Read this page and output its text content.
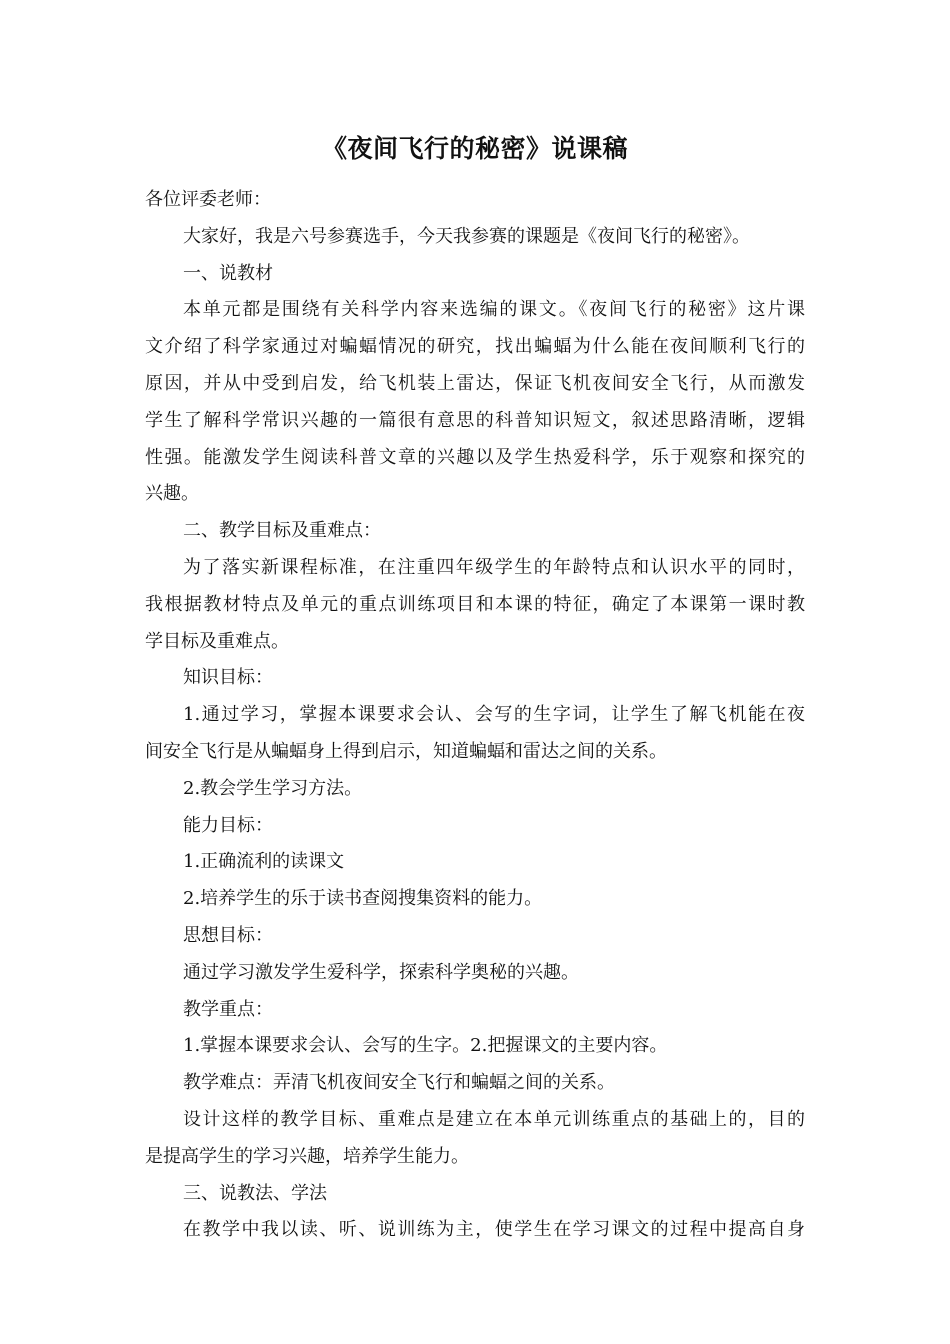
《夜间飞行的秘密》说课稿
各位评委老师：
大家好，我是六号参赛选手，今天我参赛的课题是《夜间飞行的秘密》。
一、说教材
本单元都是围绕有关科学内容来选编的课文。《夜间飞行的秘密》这片课
文介绍了科学家通过对蝙蝠情况的研究，找出蝙蝠为什么能在夜间顺利飞行的
原因，并从中受到启发，给飞机装上雷达，保证飞机夜间安全飞行，从而激发
学生了解科学常识兴趣的一篇很有意思的科普知识短文，叙述思路清晰，逻辑
性强。能激发学生阅读科普文章的兴趣以及学生热爱科学，乐于观察和探究的
兴趣。
二、教学目标及重难点：
为了落实新课程标准，在注重四年级学生的年龄特点和认识水平的同时，
我根据教材特点及单元的重点训练项目和本课的特征，确定了本课第一课时教
学目标及重难点。
知识目标：
1.通过学习，掌握本课要求会认、会写的生字词，让学生了解飞机能在夜
间安全飞行是从蝙蝠身上得到启示，知道蝙蝠和雷达之间的关系。
2.教会学生学习方法。
能力目标：
1.正确流利的读课文
2.培养学生的乐于读书查阅搜集资料的能力。
思想目标：
通过学习激发学生爱科学，探索科学奥秘的兴趣。
教学重点：
1.掌握本课要求会认、会写的生字。2.把握课文的主要内容。
教学难点：弄清飞机夜间安全飞行和蝙蝠之间的关系。
设计这样的教学目标、重难点是建立在本单元训练重点的基础上的，目的
是提高学生的学习兴趣，培养学生能力。
三、说教法、学法
在教学中我以读、听、说训练为主，使学生在学习课文的过程中提高自身
